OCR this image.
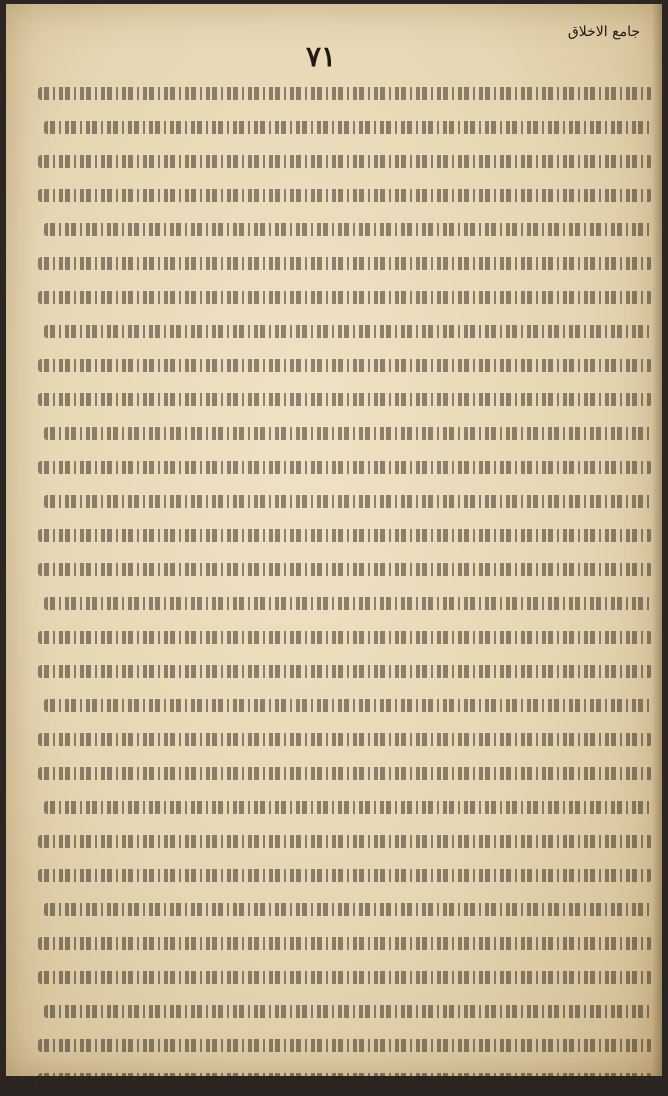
٧١
جامع الاخلاق
